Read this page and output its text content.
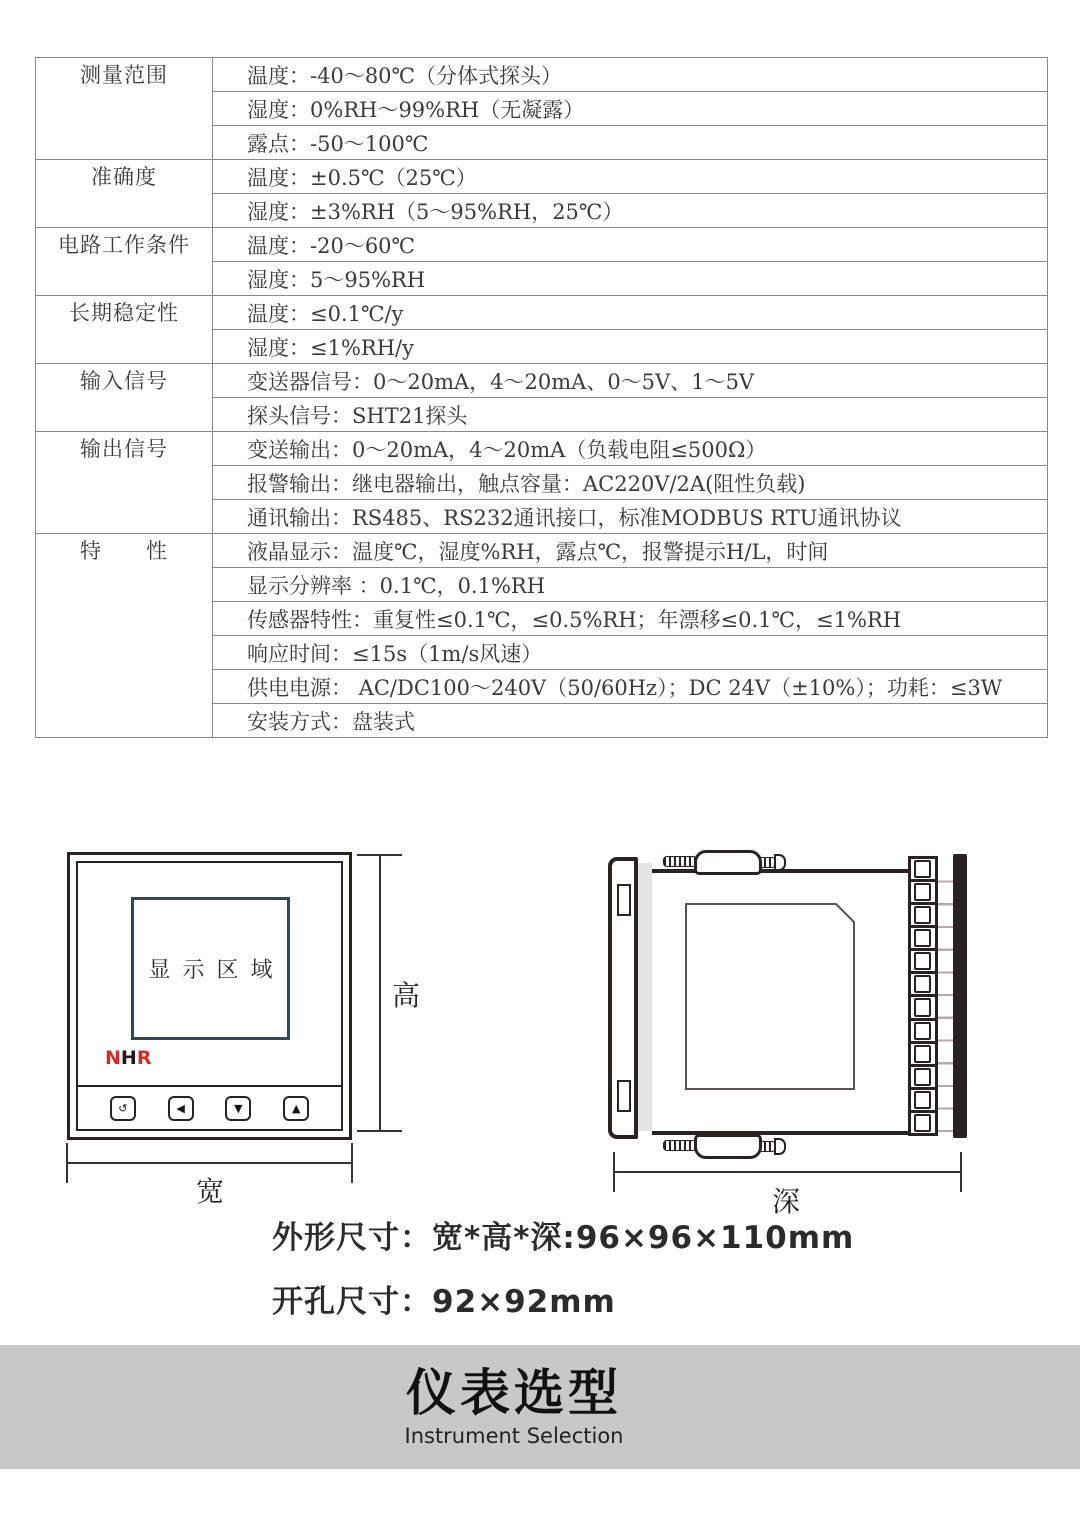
测量范围	温度：-40～80℃（分体式探头）
	湿度：0%RH～99%RH（无凝露）
	露点：-50～100℃
准确度	温度：±0.5℃（25℃）
	湿度：±3%RH（5～95%RH，25℃）
电路工作条件	温度：-20～60℃
	湿度：5～95%RH
长期稳定性	温度：≤0.1℃/y
	湿度：≤1%RH/y
输入信号	变送器信号：0～20mA，4～20mA、0～5V、1～5V
	探头信号：SHT21探头
输出信号	变送输出：0～20mA，4～20mA（负载电阻≤500Ω）
	报警输出：继电器输出，触点容量：AC220V/2A(阻性负载)
	通讯输出：RS485、RS232通讯接口，标准MODBUS RTU通讯协议
特　　性	液晶显示：温度℃，湿度%RH，露点℃，报警提示H/L，时间
	显示分辨率 ：0.1℃，0.1%RH
	传感器特性：重复性≤0.1℃，≤0.5%RH；年漂移≤0.1℃，≤1%RH
	响应时间：≤15s（1m/s风速）
	供电电源： AC/DC100～240V（50/60Hz）；DC 24V（±10%）；功耗：≤3W
	安装方式：盘装式
↺	◀	▼	▲
显示区域
NHR
高
宽	深
外形尺寸：宽*高*深:96×96×110mm
开孔尺寸：92×92mm
仪表选型
Instrument Selection
